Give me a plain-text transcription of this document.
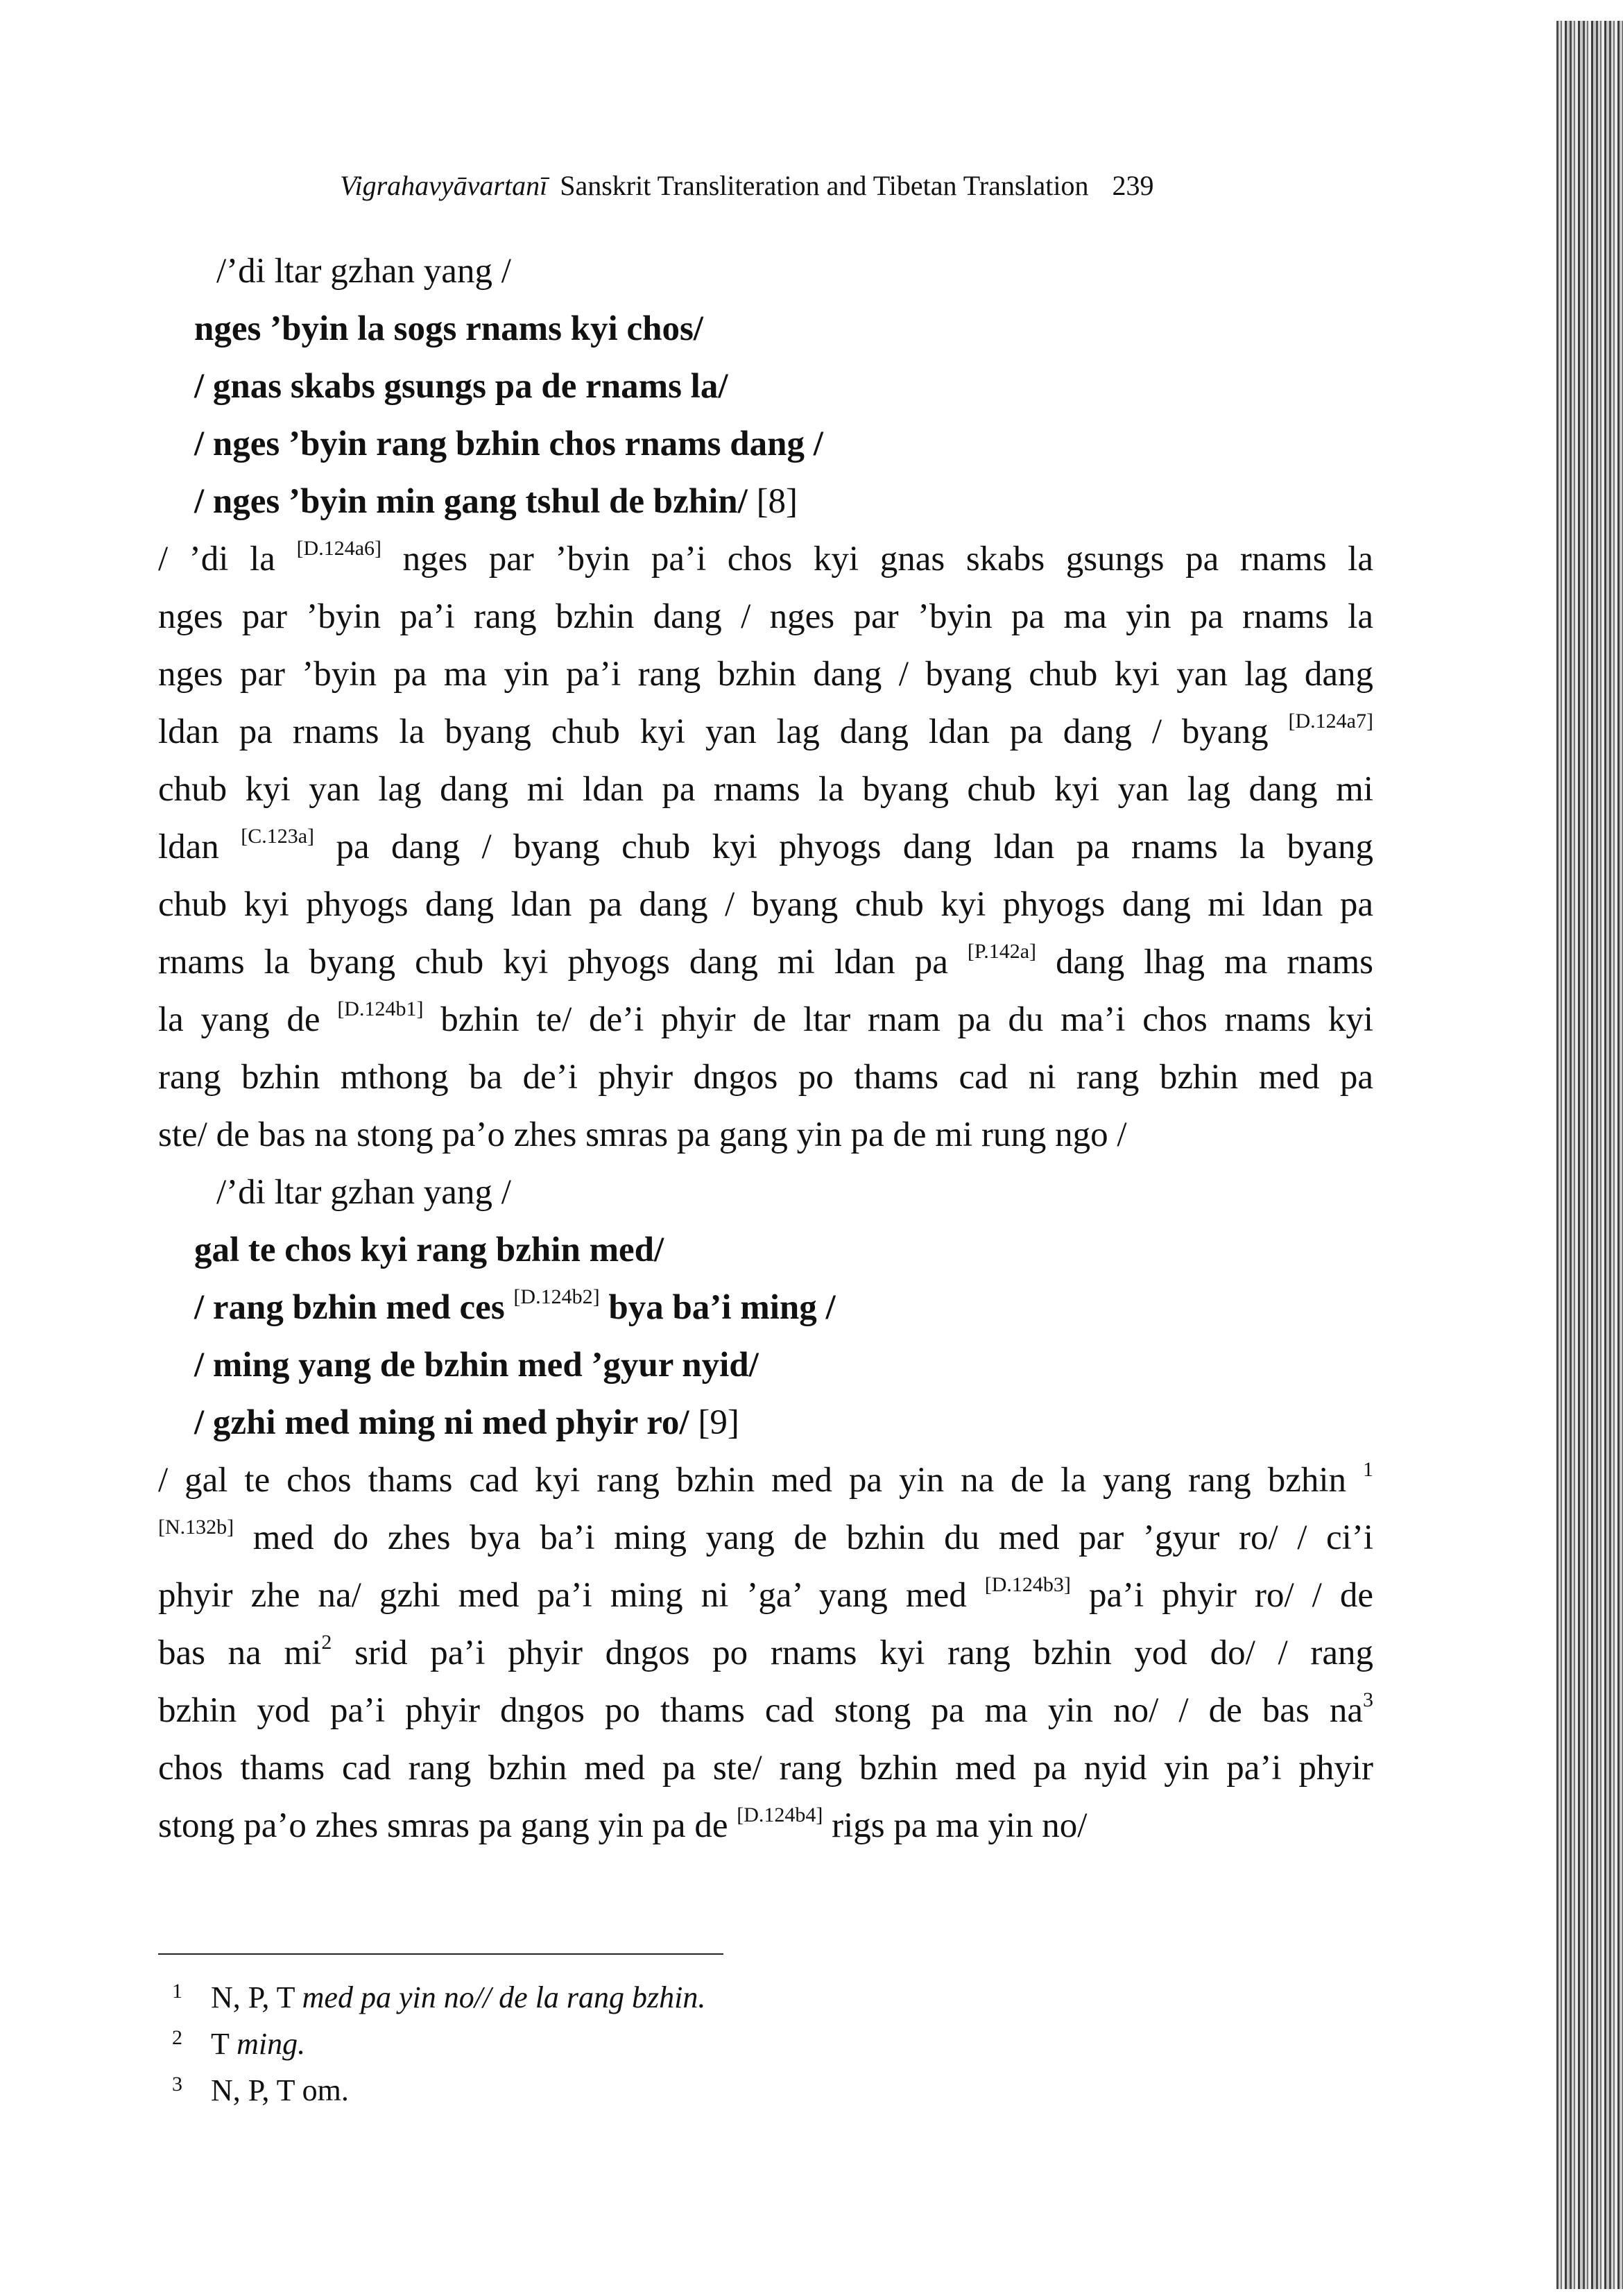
Vigrahavyāvartanī Sanskrit Transliteration and Tibetan Translation 239
/’di ltar gzhan yang /
nges ’byin la sogs rnams kyi chos/
/ gnas skabs gsungs pa de rnams la/
/ nges ’byin rang bzhin chos rnams dang /
/ nges ’byin min gang tshul de bzhin/ [8]
/ ’di la [D.124a6] nges par ’byin pa’i chos kyi gnas skabs gsungs pa rnams la
nges par ’byin pa’i rang bzhin dang / nges par ’byin pa ma yin pa rnams la
nges par ’byin pa ma yin pa’i rang bzhin dang / byang chub kyi yan lag dang
ldan pa rnams la byang chub kyi yan lag dang ldan pa dang / byang [D.124a7]
chub kyi yan lag dang mi ldan pa rnams la byang chub kyi yan lag dang mi
ldan [C.123a] pa dang / byang chub kyi phyogs dang ldan pa rnams la byang
chub kyi phyogs dang ldan pa dang / byang chub kyi phyogs dang mi ldan pa
rnams la byang chub kyi phyogs dang mi ldan pa [P.142a] dang lhag ma rnams
la yang de [D.124b1] bzhin te/ de’i phyir de ltar rnam pa du ma’i chos rnams kyi
rang bzhin mthong ba de’i phyir dngos po thams cad ni rang bzhin med pa
ste/ de bas na stong pa’o zhes smras pa gang yin pa de mi rung ngo /
/’di ltar gzhan yang /
gal te chos kyi rang bzhin med/
/ rang bzhin med ces [D.124b2] bya ba’i ming /
/ ming yang de bzhin med ’gyur nyid/
/ gzhi med ming ni med phyir ro/ [9]
/ gal te chos thams cad kyi rang bzhin med pa yin na de la yang rang bzhin $^1$
[N.132b] med do zhes bya ba’i ming yang de bzhin du med par ’gyur ro/ / ci’i
phyir zhe na/ gzhi med pa’i ming ni ’ga’ yang med [D.124b3] pa’i phyir ro/ / de
bas na $mi^2$ srid pa’i phyir dngos po rnams kyi rang bzhin yod do/ / rang
bzhin yod pa’i phyir dngos po thams cad stong pa ma yin no/ / de bas $na^3$
chos thams cad rang bzhin med pa ste/ rang bzhin med pa nyid yin pa’i phyir
stong pa’o zhes smras pa gang yin pa de [D.124b4] rigs pa ma yin no/
1 N, P, T med pa yin no// de la rang bzhin.
2 T ming.
3 N, P, T om.
